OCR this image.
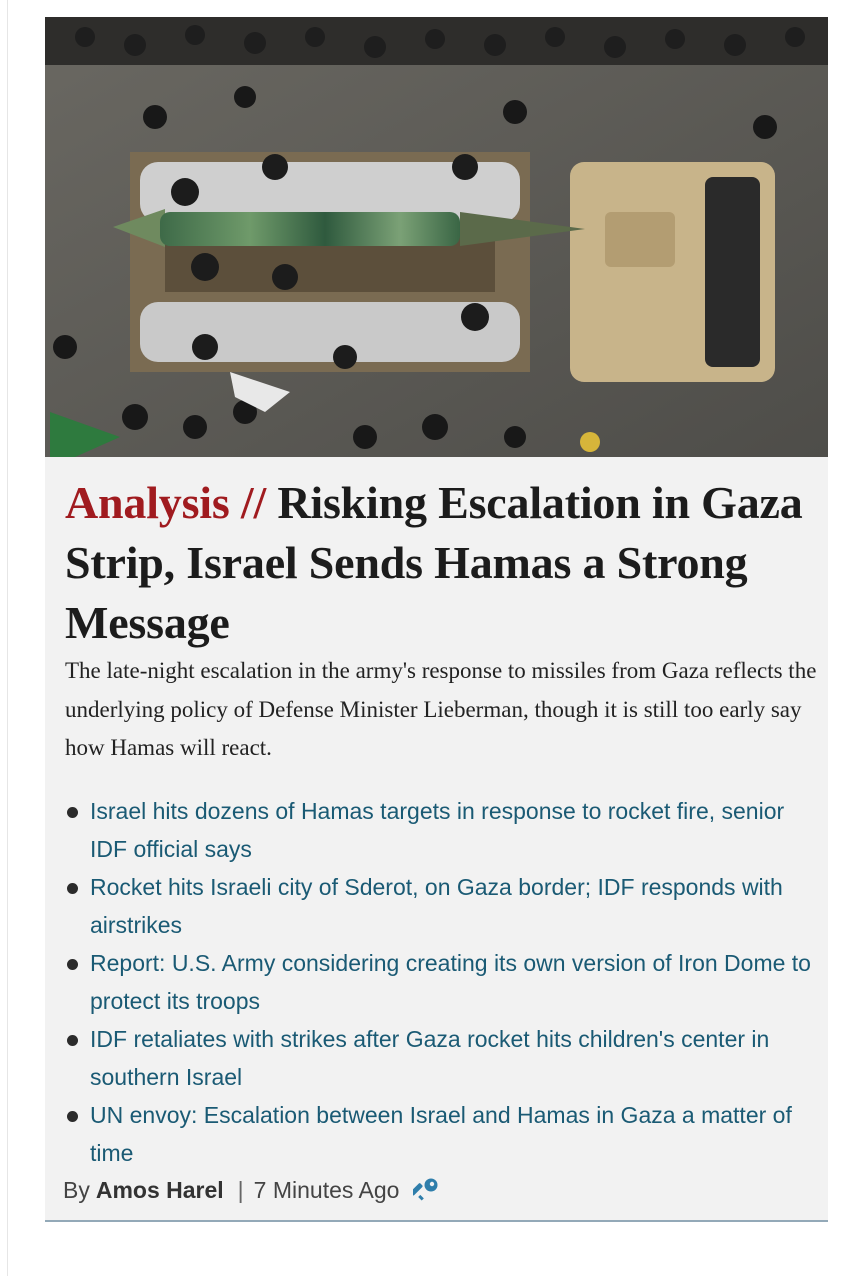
Analysis // Risking Escalation in Gaza Strip, Israel Sends Hamas a Strong Message

The late-night escalation in the army's response to missiles from Gaza reflects the underlying policy of Defense Minister Lieberman, though it is still too early say how Hamas will react.

Israel hits dozens of Hamas targets in response to rocket fire, senior IDF official says
Rocket hits Israeli city of Sderot, on Gaza border; IDF responds with airstrikes
Report: U.S. Army considering creating its own version of Iron Dome to protect its troops
IDF retaliates with strikes after Gaza rocket hits children's center in southern Israel
UN envoy: Escalation between Israel and Hamas in Gaza a matter of time
By Amos Harel | 7 Minutes Ago
